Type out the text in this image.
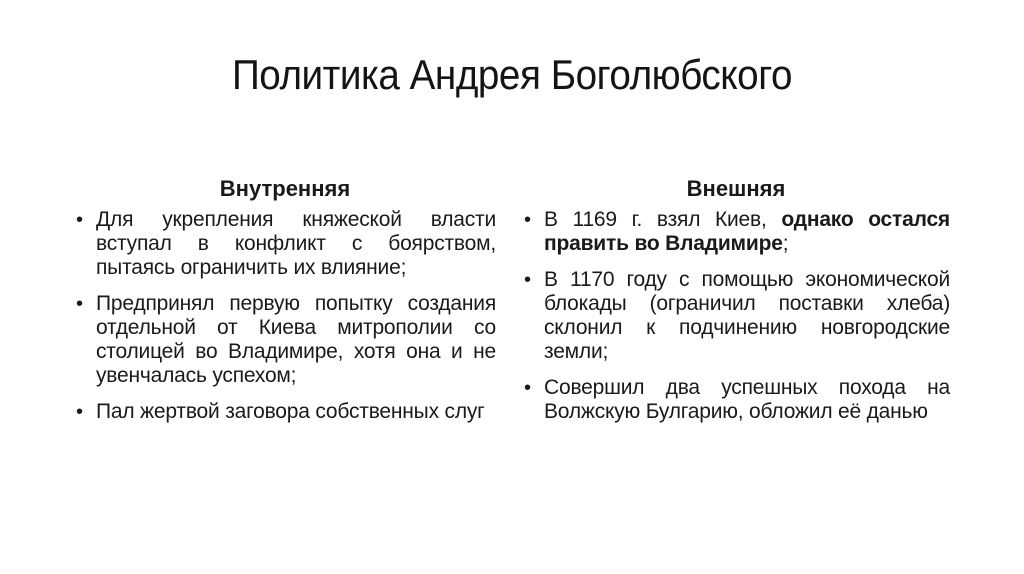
Политика Андрея Боголюбского
Внутренняя
• Для укрепления княжеской власти вступал в конфликт с боярством, пытаясь ограничить их влияние;
• Предпринял первую попытку создания отдельной от Киева митрополии со столицей во Владимире, хотя она и не увенчалась успехом;
• Пал жертвой заговора собственных слуг
Внешняя
• В 1169 г. взял Киев, однако остался править во Владимире;
• В 1170 году с помощью экономической блокады (ограничил поставки хлеба) склонил к подчинению новгородские земли;
• Совершил два успешных похода на Волжскую Булгарию, обложил её данью
